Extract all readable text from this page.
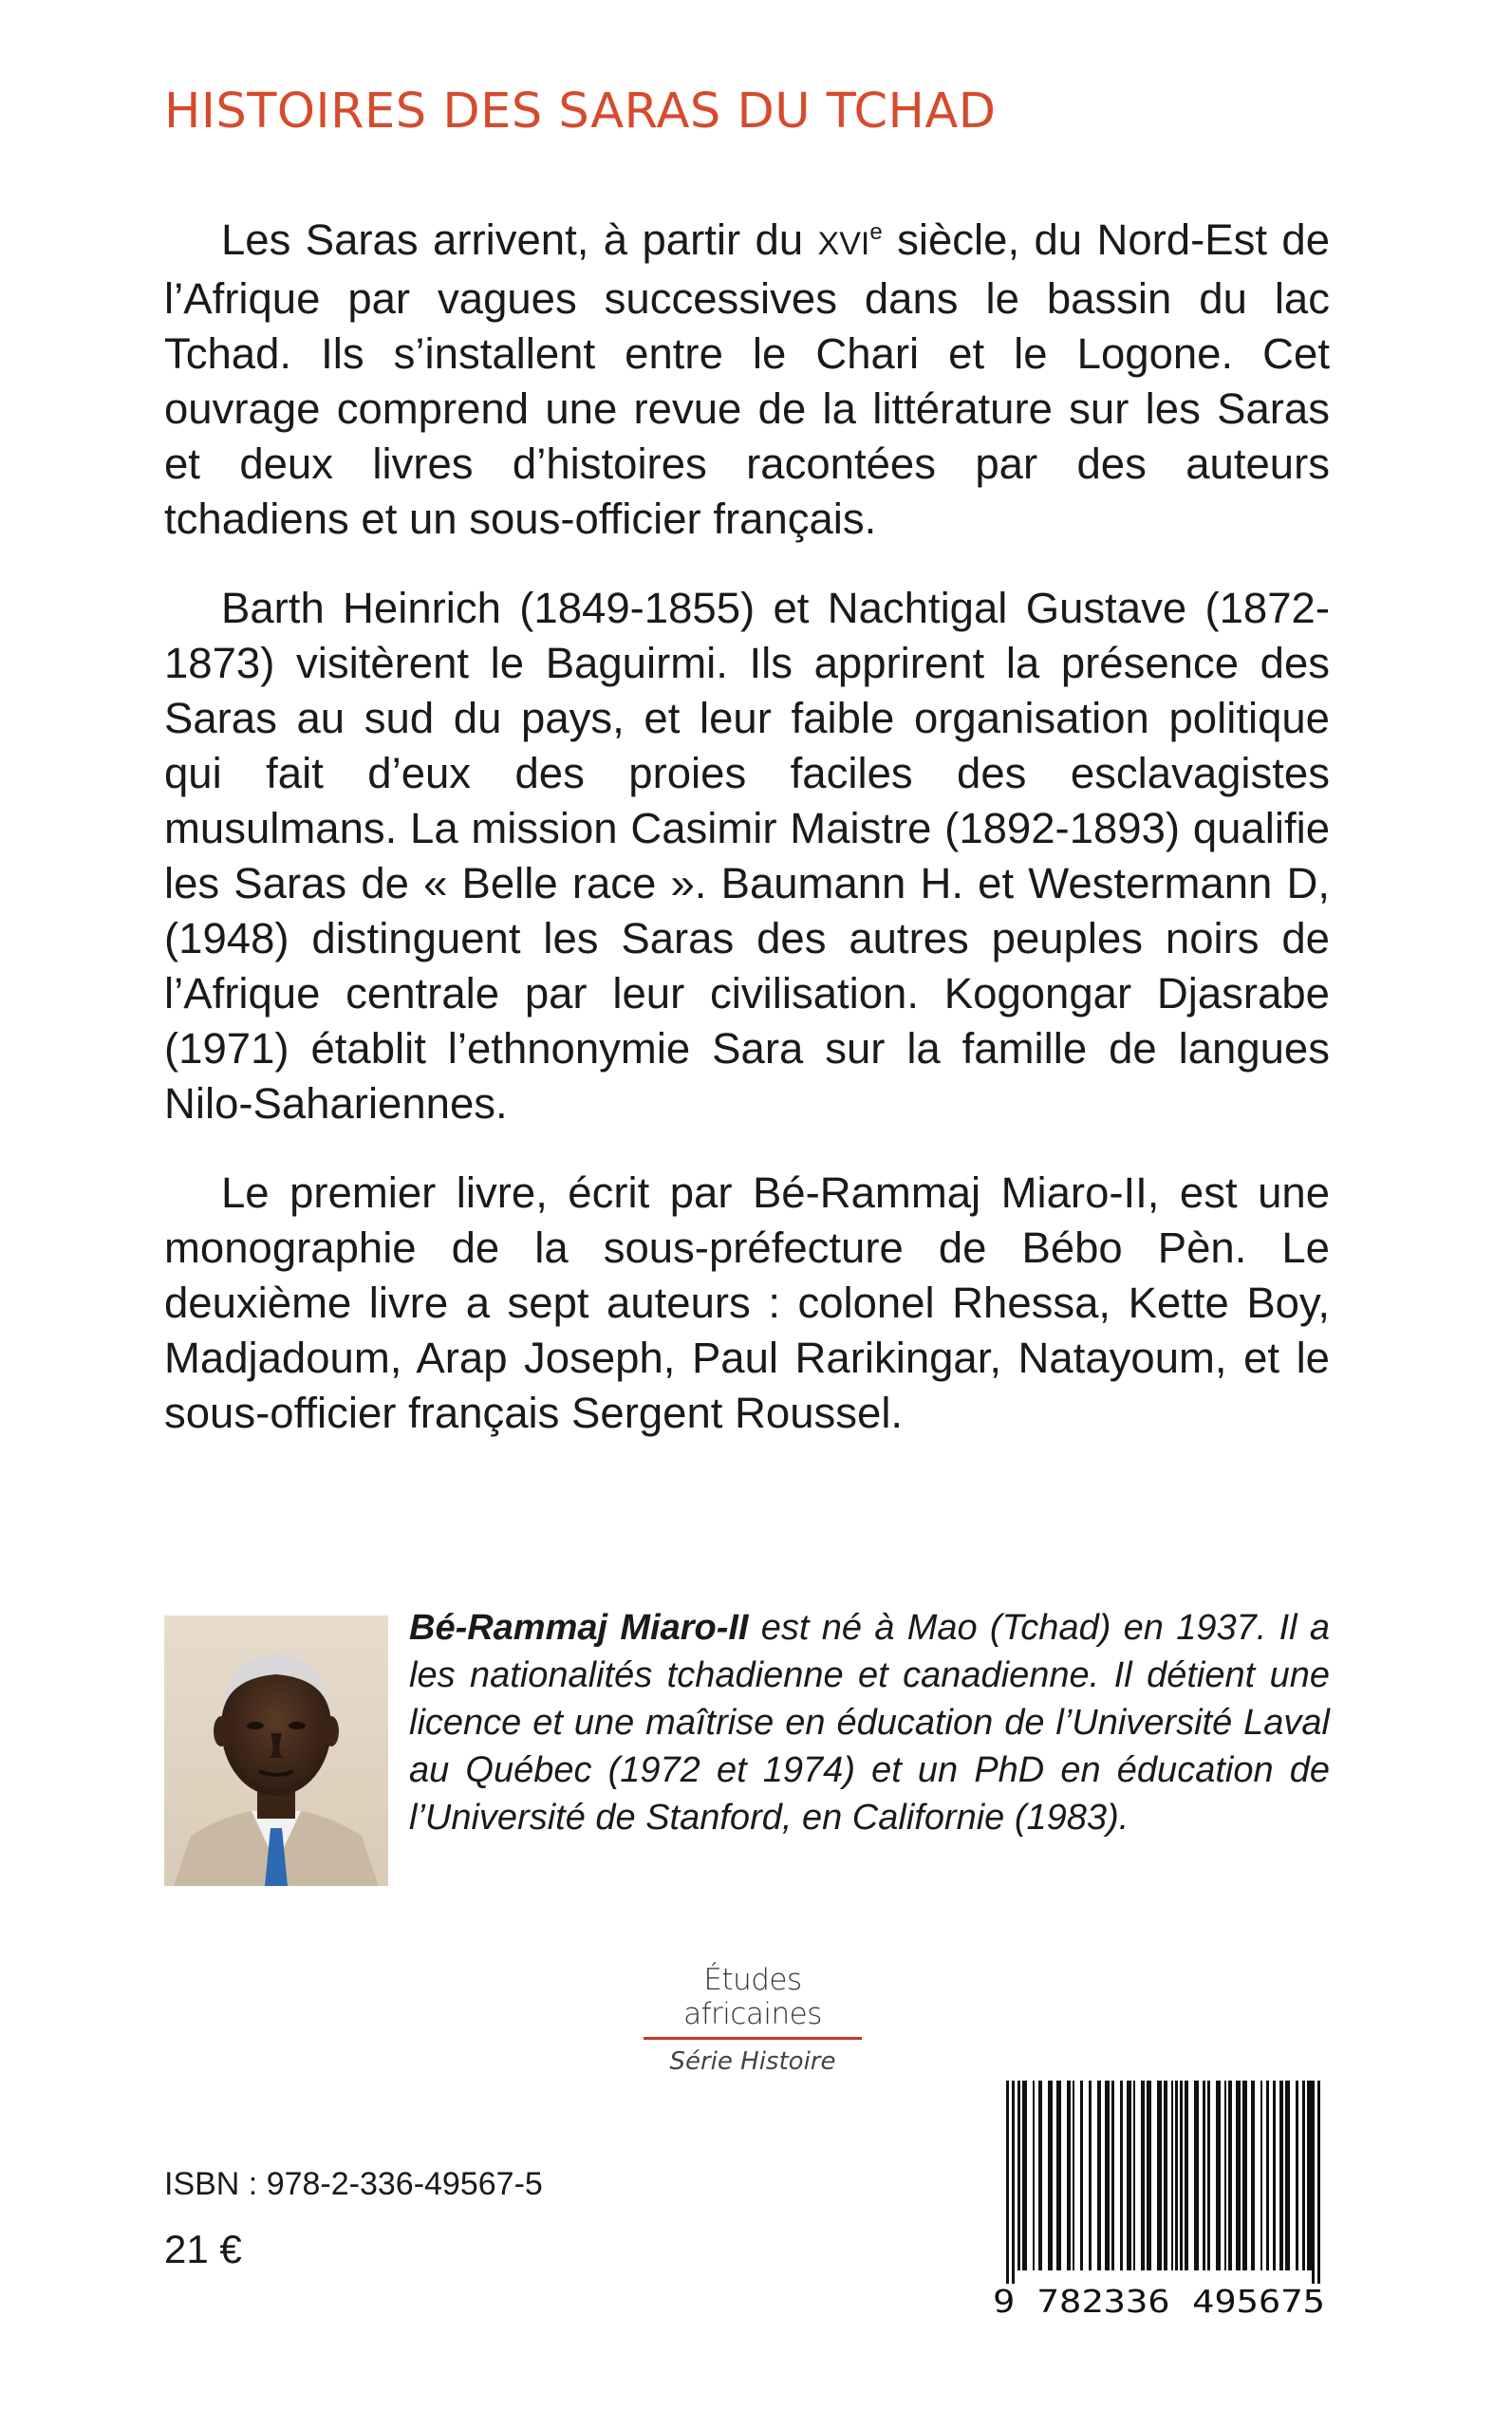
HISTOIRES DES SARAS DU TCHAD

Les Saras arrivent, à partir du XVIe siècle, du Nord-Est de l’Afrique par vagues successives dans le bassin du lac Tchad. Ils s’installent entre le Chari et le Logone. Cet ouvrage comprend une revue de la littérature sur les Saras et deux livres d’histoires racontées par des auteurs tchadiens et un sous-officier français.

Barth Heinrich (1849-1855) et Nachtigal Gustave (1872-1873) visitèrent le Baguirmi. Ils apprirent la présence des Saras au sud du pays, et leur faible organisation politique qui fait d’eux des proies faciles des esclavagistes musulmans. La mission Casimir Maistre (1892-1893) qualifie les Saras de « Belle race ». Baumann H. et Westermann D, (1948) distinguent les Saras des autres peuples noirs de l’Afrique centrale par leur civilisation. Kogongar Djasrabe (1971) établit l’ethnonymie Sara sur la famille de langues Nilo-Sahariennes.

Le premier livre, écrit par Bé-Rammaj Miaro-II, est une monographie de la sous-préfecture de Bébo Pèn. Le deuxième livre a sept auteurs : colonel Rhessa, Kette Boy, Madjadoum, Arap Joseph, Paul Rarikingar, Natayoum, et le sous-officier français Sergent Roussel.

Bé-Rammaj Miaro-II est né à Mao (Tchad) en 1937. Il a les nationalités tchadienne et canadienne. Il détient une licence et une maîtrise en éducation de l’Université Laval au Québec (1972 et 1974) et un PhD en éducation de l’Université de Stanford, en Californie (1983).

Études africaines
Série Histoire
ISBN : 978-2-336-49567-5
21 €
9 782336 495675
